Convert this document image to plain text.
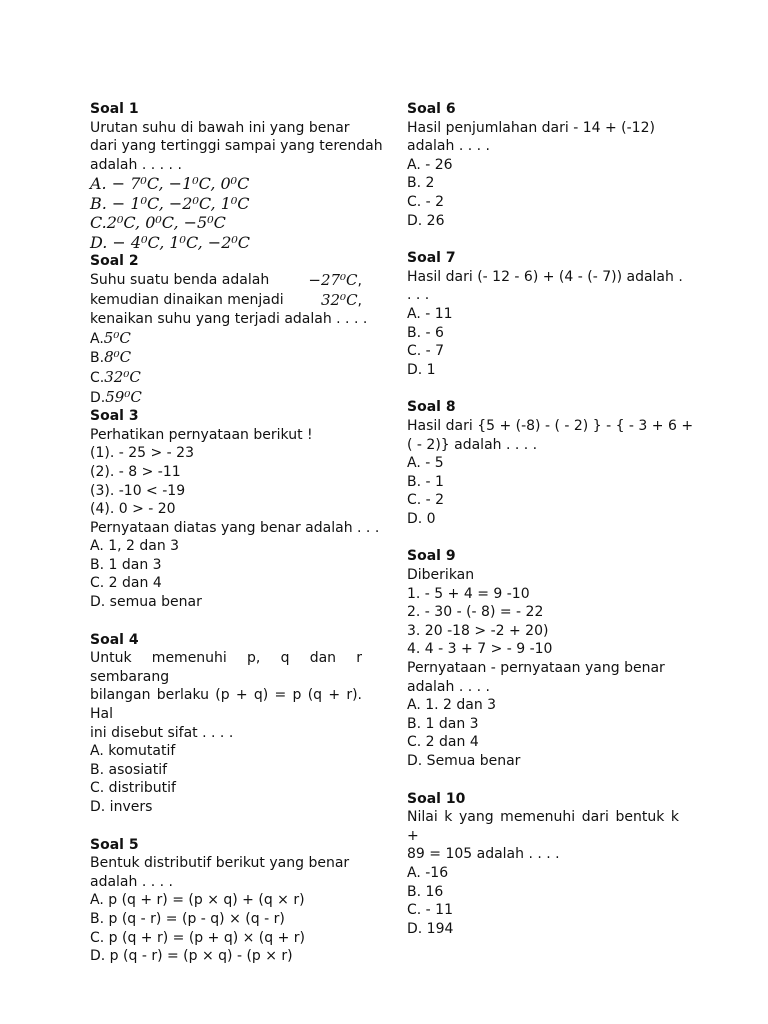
Soal 1
Urutan suhu di bawah ini yang benar
dari yang tertinggi sampai yang terendah
adalah . . . . .
A. − 7⁰C, −1⁰C, 0⁰C
B. − 1⁰C, −2⁰C, 1⁰C
C.2⁰C, 0⁰C, −5⁰C
D. − 4⁰C, 1⁰C, −2⁰C
Soal 2
Suhu suatu benda adalah	−27⁰C,
kemudian dinaikan menjadi 32⁰C,
kenaikan suhu yang terjadi adalah . . . .
A.5⁰C
B.8⁰C
C.32⁰C
D.59⁰C
Soal 3
Perhatikan pernyataan berikut !
(1). - 25 > - 23
(2). - 8 > -11
(3). -10 < -19
(4). 0 > - 20
Pernyataan diatas yang benar adalah . . .
A. 1, 2 dan 3
B. 1 dan 3
C. 2 dan 4
D. semua benar
Soal 4
Untuk memenuhi p, q dan r sembarang
bilangan berlaku (p + q) = p (q + r). Hal
ini disebut sifat . . . .
A. komutatif
B. asosiatif
C. distributif
D. invers
Soal 5
Bentuk distributif berikut yang benar
adalah . . . .
A. p (q + r) = (p × q) + (q × r)
B. p (q - r) = (p - q) × (q - r)
C. p (q + r) = (p + q) × (q + r)
D. p (q - r) = (p × q) - (p × r)
Soal 6
Hasil penjumlahan dari - 14 + (-12)
adalah . . . .
A. - 26
B. 2
C. - 2
D. 26
Soal 7
Hasil dari (- 12 - 6) + (4 - (- 7)) adalah .
. . .
A. - 11
B. - 6
C. - 7
D. 1
Soal 8
Hasil dari {5 + (-8) - ( - 2) } - { - 3 + 6 +
( - 2)} adalah . . . .
A. - 5
B. - 1
C. - 2
D. 0
Soal 9
Diberikan
1. - 5 + 4 = 9 -10
2. - 30 - (- 8) = - 22
3. 20 -18 > -2 + 20)
4. 4 - 3 + 7 > - 9 -10
Pernyataan - pernyataan yang benar
adalah . . . .
A. 1. 2 dan 3
B. 1 dan 3
C. 2 dan 4
D. Semua benar
Soal 10
Nilai k yang memenuhi dari bentuk k +
89 = 105 adalah . . . .
A. -16
B. 16
C. - 11
D. 194
